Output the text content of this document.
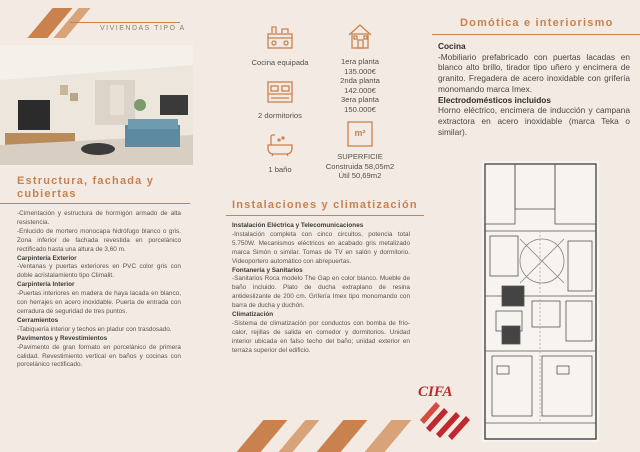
VIVIENDAS TIPO A
Cocina equipada
2 dormitorios
1 baño
1era planta
135.000€
2nda planta
142.000€
3era planta
150.000€
m²
SUPERFICIE
Construida 58,05m2
Útil 50,69m2
Domótica e interiorismo
Cocina
-Mobiliario prefabricado con puertas lacadas en blanco alto brillo, tirador tipo uñero y encimera de granito. Fregadera de acero inoxidable con grifería monomando marca Imex.
Electrodomésticos incluidos
Horno eléctrico, encimera de inducción y campana extractora en acero inoxidable (marca Teka o similar).
Estructura, fachada y
cubiertas
-Cimentación y estructura de hormigón armado de alta resistencia.
-Enlucido de mortero monocapa hidrófugo blanco o gris. Zona inferior de fachada revestida en porcelánico rectificado hasta una altura de 3,60 m.
Carpintería Exterior
-Ventanas y puertas exteriores en PVC color gris con doble acristalamiento tipo Climalit.
Carpintería Interior
-Puertas interiores en madera de haya lacada en blanco, con herrajes en acero inoxidable. Puerta de entrada con cerradura de seguridad de tres puntos.
Cerramientos
-Tabiquería interior y techos en pladur con trasdosado.
Pavimentos y Revestimientos
-Pavimento de gran formato en porcelánico de primera calidad. Revestimiento vertical en baños y cocinas con porcelánico rectificado.
Instalaciones y climatización
Instalación Eléctrica y Telecomunicaciones
-Instalación completa con cinco circuitos, potencia total 5.750W. Mecanismos eléctricos en acabado gris metalizado marca Simón o similar. Tomas de TV en salón y dormitorio. Videoportero automático con abrepuertas.
Fontanería y Sanitarios
-Sanitarios Roca modelo The Gap en color blanco. Mueble de baño incluido. Plato de ducha extraplano de resina antideslizante de 200 cm. Grifería Imex tipo monomando con barra de ducha y duchón.
Climatización
-Sistema de climatización por conductos con bomba de frío-calor, rejillas de salida en comedor y dormitorios. Unidad interior ubicada en falso techo del baño; unidad exterior en terraza superior del edificio.
CIFA
